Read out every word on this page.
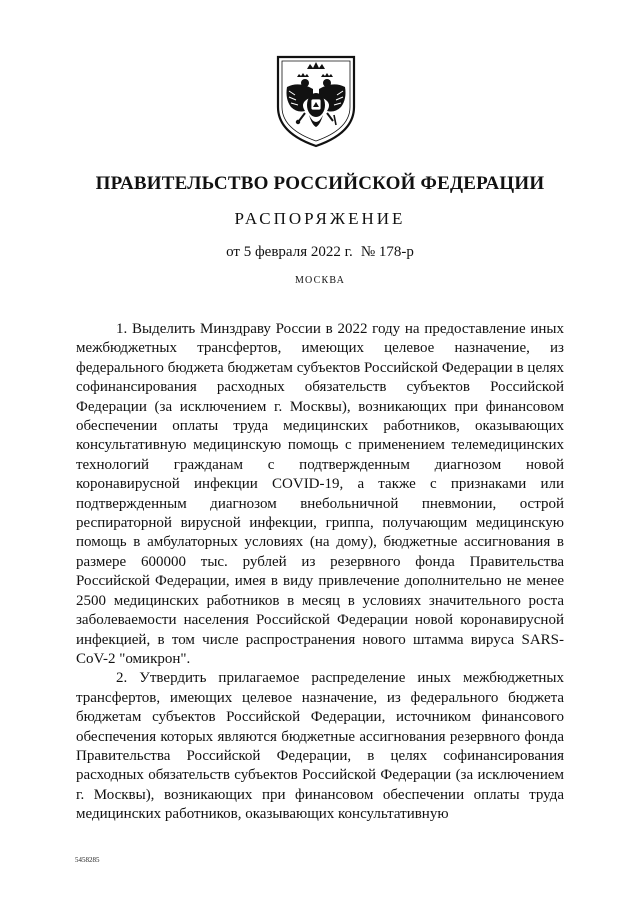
ПРАВИТЕЛЬСТВО РОССИЙСКОЙ ФЕДЕРАЦИИ

РАСПОРЯЖЕНИЕ

от 5 февраля 2022 г. № 178-р

МОСКВА

1. Выделить Минздраву России в 2022 году на предоставление иных межбюджетных трансфертов, имеющих целевое назначение, из федерального бюджета бюджетам субъектов Российской Федерации в целях софинансирования расходных обязательств субъектов Российской Федерации (за исключением г. Москвы), возникающих при финансовом обеспечении оплаты труда медицинских работников, оказывающих консультативную медицинскую помощь с применением телемедицинских технологий гражданам с подтвержденным диагнозом новой коронавирусной инфекции COVID-19, а также с признаками или подтвержденным диагнозом внебольничной пневмонии, острой респираторной вирусной инфекции, гриппа, получающим медицинскую помощь в амбулаторных условиях (на дому), бюджетные ассигнования в размере 600000 тыс. рублей из резервного фонда Правительства Российской Федерации, имея в виду привлечение дополнительно не менее 2500 медицинских работников в месяц в условиях значительного роста заболеваемости населения Российской Федерации новой коронавирусной инфекцией, в том числе распространения нового штамма вируса SARS-CoV-2 "омикрон".

2. Утвердить прилагаемое распределение иных межбюджетных трансфертов, имеющих целевое назначение, из федерального бюджета бюджетам субъектов Российской Федерации, источником финансового обеспечения которых являются бюджетные ассигнования резервного фонда Правительства Российской Федерации, в целях софинансирования расходных обязательств субъектов Российской Федерации (за исключением г. Москвы), возникающих при финансовом обеспечении оплаты труда медицинских работников, оказывающих консультативную

5458285
